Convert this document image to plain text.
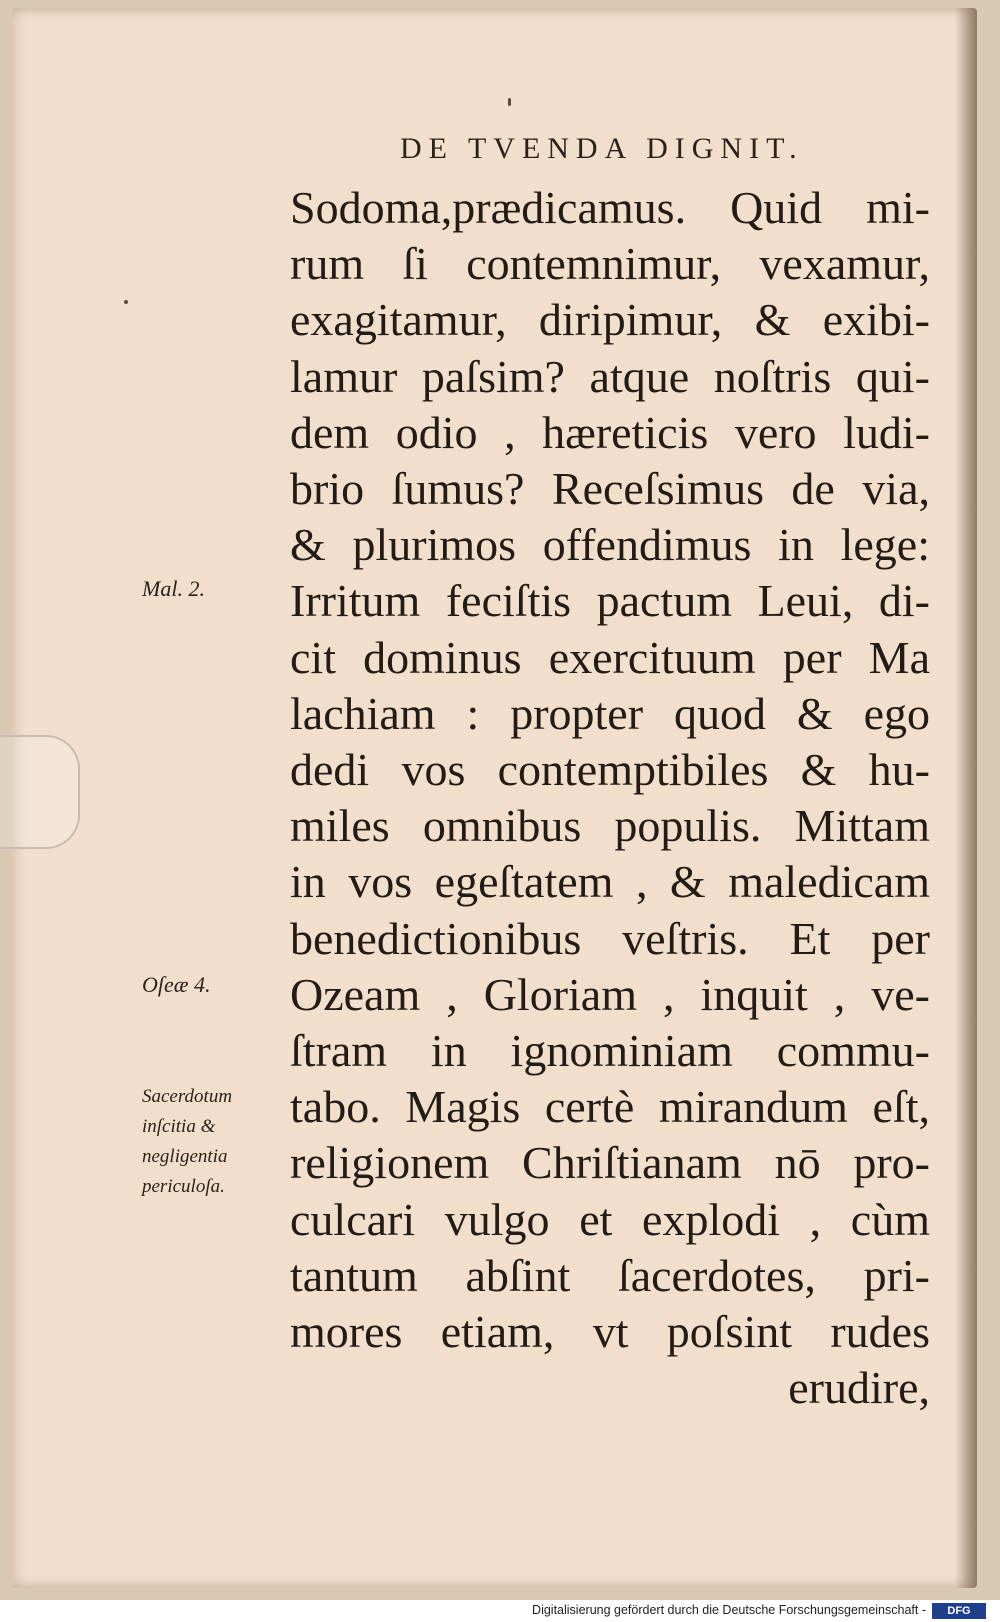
DE TVENDA DIGNIT.
Sodoma,prædicamus. Quid mi-
rum ſi contemnimur, vexamur,
exagitamur, diripimur, & exibi-
lamur paſsim? atque noſtris qui-
dem odio , hæreticis vero ludi-
brio ſumus? Receſsimus de via,
& plurimos offendimus in lege:
Irritum feciſtis pactum Leui, di-
cit dominus exercituum per Ma
lachiam : propter quod & ego
dedi vos contemptibiles & hu-
miles omnibus populis. Mittam
in vos egeſtatem , & maledicam
benedictionibus veſtris. Et per
Ozeam , Gloriam , inquit , ve-
ſtram in ignominiam commu-
tabo. Magis certè mirandum eſt,
religionem Chriſtianam nō pro-
culcari vulgo et explodi , cùm
tantum abſint ſacerdotes, pri-
mores etiam, vt poſsint rudes
erudire,
Mal. 2.
Oſeæ 4.
Sacerdotum
inſcitia &
negligentia
periculoſa.
Digitalisierung gefördert durch die Deutsche Forschungsgemeinschaft -	DFG
